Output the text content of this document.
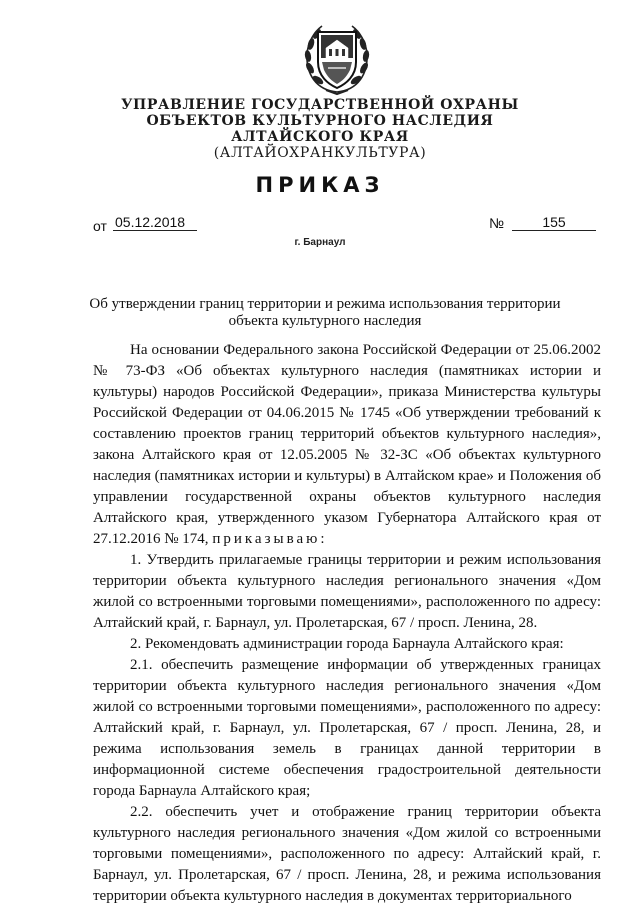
УПРАВЛЕНИЕ ГОСУДАРСТВЕННОЙ ОХРАНЫ
ОБЪЕКТОВ КУЛЬТУРНОГО НАСЛЕДИЯ
АЛТАЙСКОГО КРАЯ
(АЛТАЙОХРАНКУЛЬТУРА)
ПРИКАЗ
от 05.12.2018	№	155
г. Барнаул
Об утверждении границ территории и режима использования территории объекта культурного наследия

На основании Федерального закона Российской Федерации от 25.06.2002 № 73-ФЗ «Об объектах культурного наследия (памятниках истории и культуры) народов Российской Федерации», приказа Министерства культуры Российской Федерации от 04.06.2015 № 1745 «Об утверждении требований к составлению проектов границ территорий объектов культурного наследия», закона Алтайского края от 12.05.2005 № 32-ЗС «Об объектах культурного наследия (памятниках истории и культуры) в Алтайском крае» и Положения об управлении государственной охраны объектов культурного наследия Алтайского края, утвержденного указом Губернатора Алтайского края от 27.12.2016 № 174, приказываю:

1. Утвердить прилагаемые границы территории и режим использования территории объекта культурного наследия регионального значения «Дом жилой со встроенными торговыми помещениями», расположенного по адресу: Алтайский край, г. Барнаул, ул. Пролетарская, 67 / просп. Ленина, 28.

2. Рекомендовать администрации города Барнаула Алтайского края:

2.1. обеспечить размещение информации об утвержденных границах территории объекта культурного наследия регионального значения «Дом жилой со встроенными торговыми помещениями», расположенного по адресу: Алтайский край, г. Барнаул, ул. Пролетарская, 67 / просп. Ленина, 28, и режима использования земель в границах данной территории в информационной системе обеспечения градостроительной деятельности города Барнаула Алтайского края;

2.2. обеспечить учет и отображение границ территории объекта культурного наследия регионального значения «Дом жилой со встроенными торговыми помещениями», расположенного по адресу: Алтайский край, г. Барнаул, ул. Пролетарская, 67 / просп. Ленина, 28, и режима использования территории объекта культурного наследия в документах территориального
